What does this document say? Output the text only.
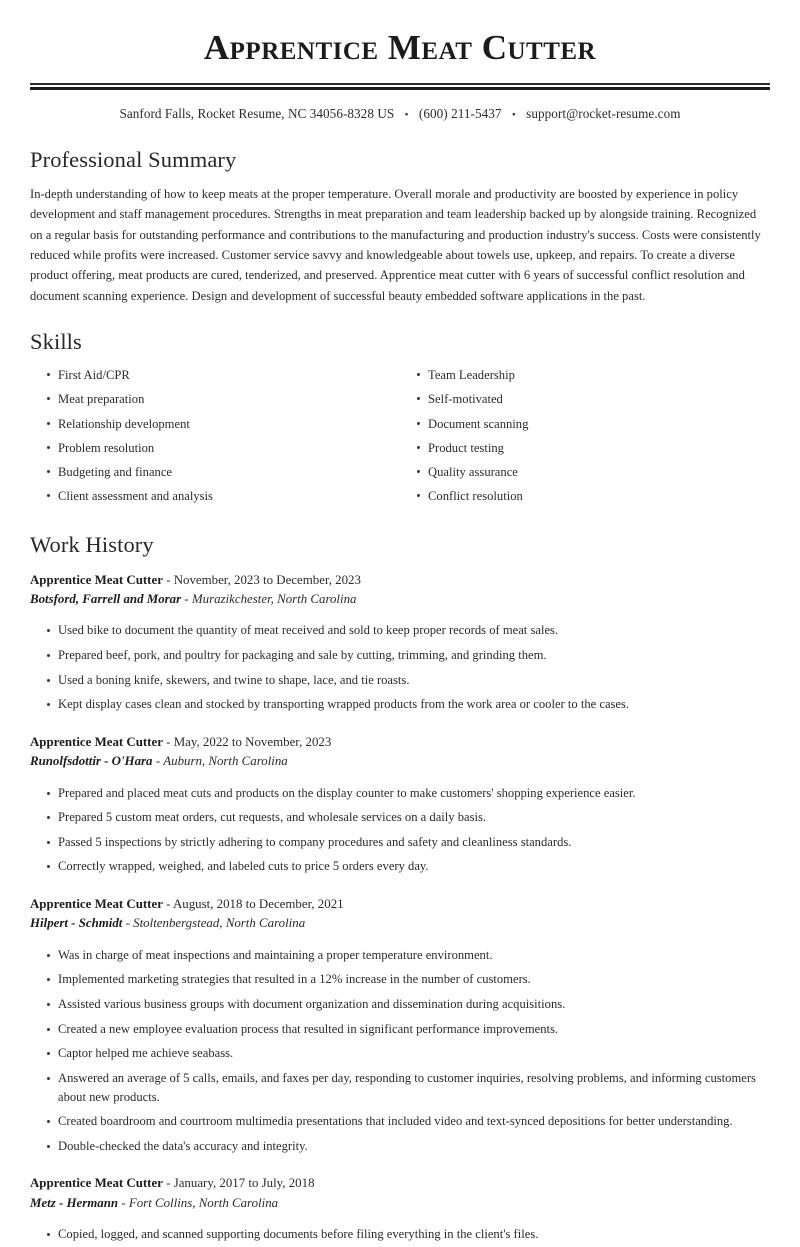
Apprentice Meat Cutter
Sanford Falls, Rocket Resume, NC 34056-8328 US • (600) 211-5437 • support@rocket-resume.com
Professional Summary

In-depth understanding of how to keep meats at the proper temperature. Overall morale and productivity are boosted by experience in policy development and staff management procedures. Strengths in meat preparation and team leadership backed up by alongside training. Recognized on a regular basis for outstanding performance and contributions to the manufacturing and production industry's success. Costs were consistently reduced while profits were increased. Customer service savvy and knowledgeable about towels use, upkeep, and repairs. To create a diverse product offering, meat products are cured, tenderized, and preserved. Apprentice meat cutter with 6 years of successful conflict resolution and document scanning experience. Design and development of successful beauty embedded software applications in the past.

Skills
First Aid/CPR
Meat preparation
Relationship development
Problem resolution
Budgeting and finance
Client assessment and analysis
Team Leadership
Self-motivated
Document scanning
Product testing
Quality assurance
Conflict resolution
Work History
Apprentice Meat Cutter - November, 2023 to December, 2023
Botsford, Farrell and Morar - Murazikchester, North Carolina
Used bike to document the quantity of meat received and sold to keep proper records of meat sales.
Prepared beef, pork, and poultry for packaging and sale by cutting, trimming, and grinding them.
Used a boning knife, skewers, and twine to shape, lace, and tie roasts.
Kept display cases clean and stocked by transporting wrapped products from the work area or cooler to the cases.
Apprentice Meat Cutter - May, 2022 to November, 2023
Runolfsdottir - O'Hara - Auburn, North Carolina
Prepared and placed meat cuts and products on the display counter to make customers' shopping experience easier.
Prepared 5 custom meat orders, cut requests, and wholesale services on a daily basis.
Passed 5 inspections by strictly adhering to company procedures and safety and cleanliness standards.
Correctly wrapped, weighed, and labeled cuts to price 5 orders every day.
Apprentice Meat Cutter - August, 2018 to December, 2021
Hilpert - Schmidt - Stoltenbergstead, North Carolina
Was in charge of meat inspections and maintaining a proper temperature environment.
Implemented marketing strategies that resulted in a 12% increase in the number of customers.
Assisted various business groups with document organization and dissemination during acquisitions.
Created a new employee evaluation process that resulted in significant performance improvements.
Captor helped me achieve seabass.
Answered an average of 5 calls, emails, and faxes per day, responding to customer inquiries, resolving problems, and informing customers about new products.
Created boardroom and courtroom multimedia presentations that included video and text-synced depositions for better understanding.
Double-checked the data's accuracy and integrity.
Apprentice Meat Cutter - January, 2017 to July, 2018
Metz - Hermann - Fort Collins, North Carolina
Copied, logged, and scanned supporting documents before filing everything in the client's files.
